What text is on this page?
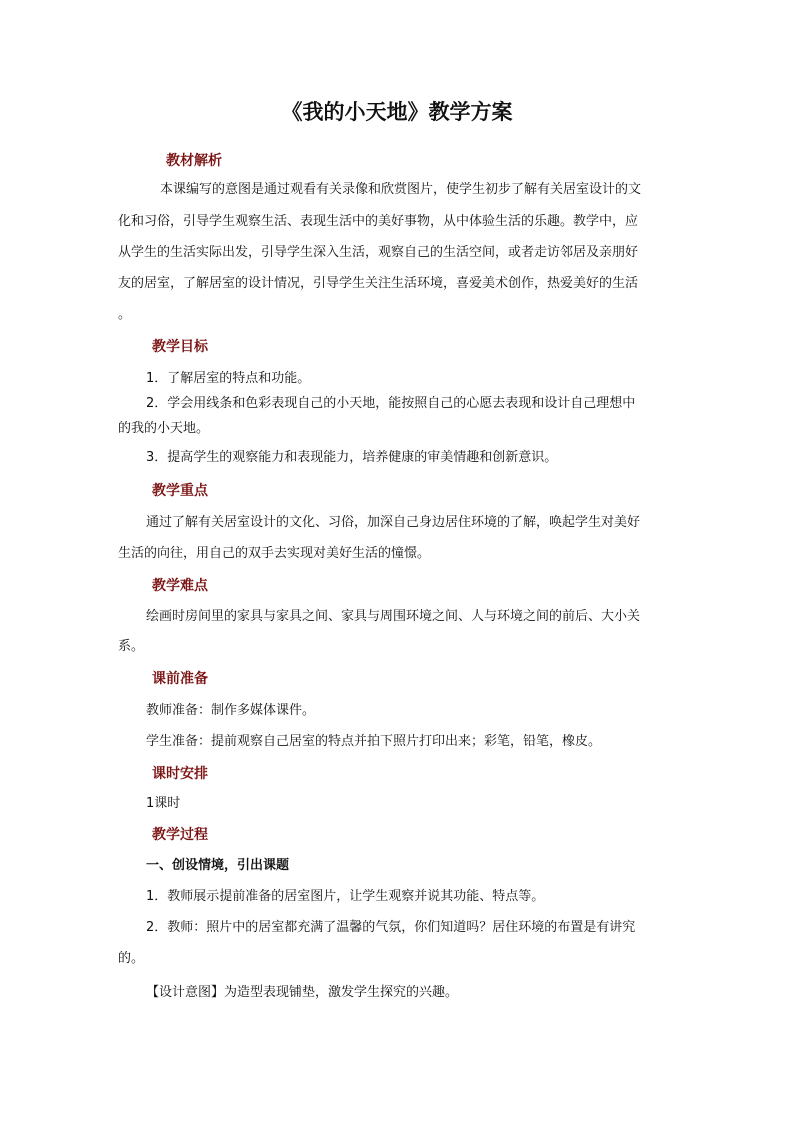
《我的小天地》教学方案
教材解析

本课编写的意图是通过观看有关录像和欣赏图片，使学生初步了解有关居室设计的文

化和习俗，引导学生观察生活、表现生活中的美好事物，从中体验生活的乐趣。教学中，应

从学生的生活实际出发，引导学生深入生活，观察自己的生活空间，或者走访邻居及亲朋好

友的居室，了解居室的设计情况，引导学生关注生活环境，喜爱美术创作，热爱美好的生活

。

教学目标

1．了解居室的特点和功能。

2．学会用线条和色彩表现自己的小天地，能按照自己的心愿去表现和设计自己理想中

的我的小天地。

3．提高学生的观察能力和表现能力，培养健康的审美情趣和创新意识。

教学重点

通过了解有关居室设计的文化、习俗，加深自己身边居住环境的了解，唤起学生对美好

生活的向往，用自己的双手去实现对美好生活的憧憬。

教学难点

绘画时房间里的家具与家具之间、家具与周围环境之间、人与环境之间的前后、大小关

系。

课前准备

教师准备：制作多媒体课件。

学生准备：提前观察自己居室的特点并拍下照片打印出来；彩笔，铅笔，橡皮。

课时安排

1课时

教学过程

一、创设情境，引出课题

1．教师展示提前准备的居室图片，让学生观察并说其功能、特点等。

2．教师：照片中的居室都充满了温馨的气氛，你们知道吗？居住环境的布置是有讲究

的。

【设计意图】为造型表现铺垫，激发学生探究的兴趣。
